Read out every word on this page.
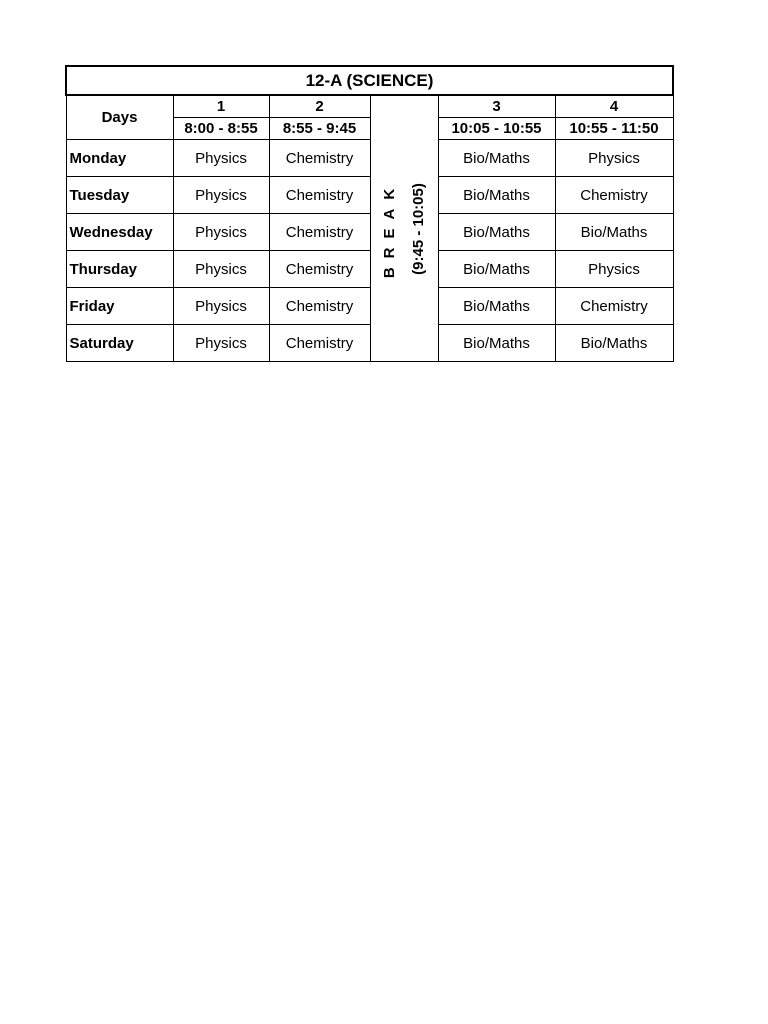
12-A (SCIENCE)					
Days	1	2	BREAK (9:45 - 10:05)	3	4
	8:00 - 8:55	8:55 - 9:45		10:05 - 10:55	10:55 - 11:50
Monday	Physics	Chemistry		Bio/Maths	Physics
Tuesday	Physics	Chemistry		Bio/Maths	Chemistry
Wednesday	Physics	Chemistry		Bio/Maths	Bio/Maths
Thursday	Physics	Chemistry		Bio/Maths	Physics
Friday	Physics	Chemistry		Bio/Maths	Chemistry
Saturday	Physics	Chemistry		Bio/Maths	Bio/Maths
